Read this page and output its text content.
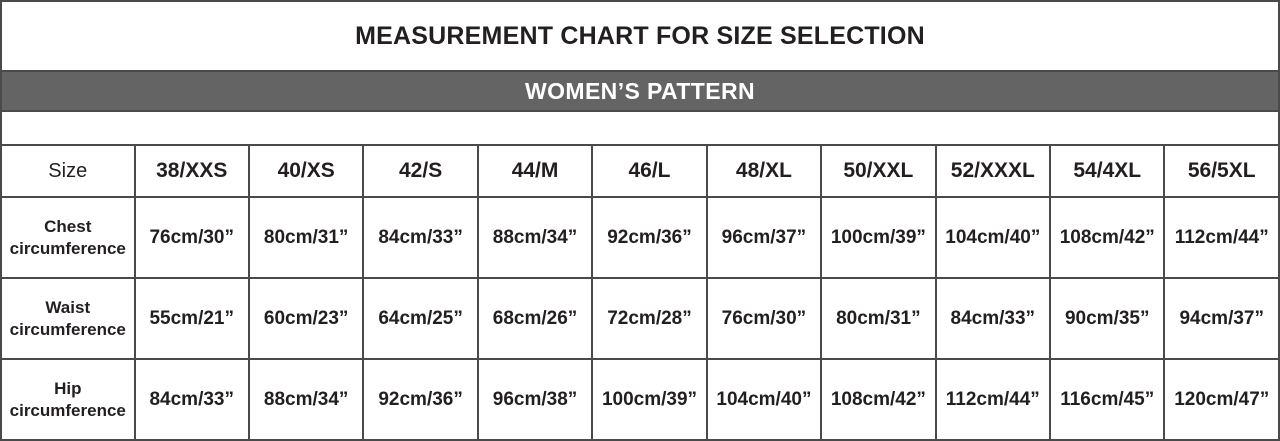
MEASUREMENT CHART FOR SIZE SELECTION										
WOMEN’S PATTERN										

Size	38/XXS	40/XS	42/S	44/M	46/L	48/XL	50/XXL	52/XXXL	54/4XL	56/5XL
Chest
circumference	76cm/30”	80cm/31”	84cm/33”	88cm/34”	92cm/36”	96cm/37”	100cm/39”	104cm/40”	108cm/42”	112cm/44”
Waist
circumference	55cm/21”	60cm/23”	64cm/25”	68cm/26”	72cm/28”	76cm/30”	80cm/31”	84cm/33”	90cm/35”	94cm/37”
Hip
circumference	84cm/33”	88cm/34”	92cm/36”	96cm/38”	100cm/39”	104cm/40”	108cm/42”	112cm/44”	116cm/45”	120cm/47”
